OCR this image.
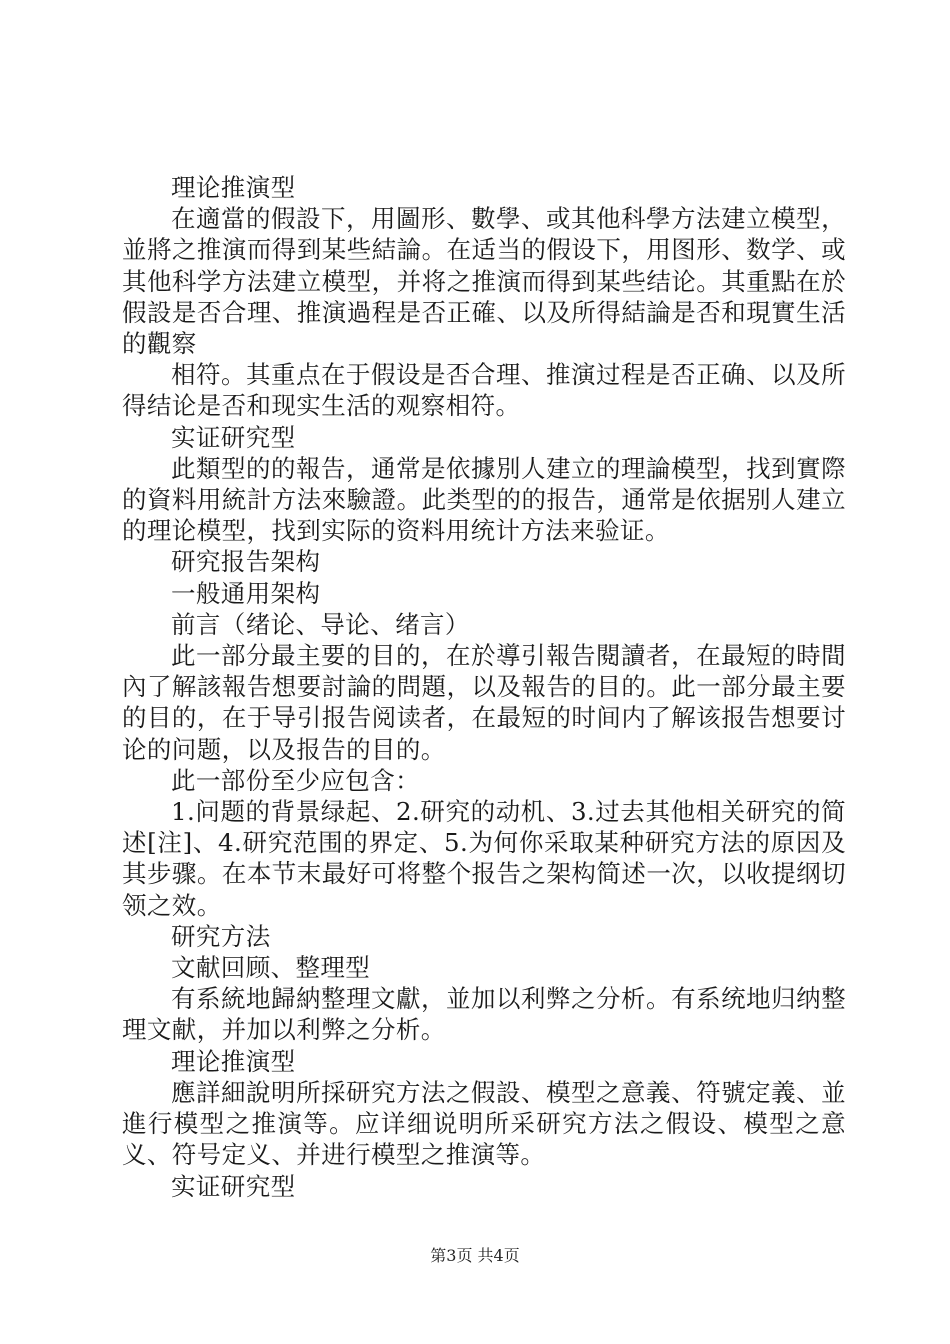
理论推演型

在適當的假設下，用圖形、數學、或其他科學方法建立模型，並將之推演而得到某些結論。在适当的假设下，用图形、数学、或其他科学方法建立模型，并将之推演而得到某些结论。其重點在於假設是否合理、推演過程是否正確、以及所得結論是否和現實生活的觀察

相符。其重点在于假设是否合理、推演过程是否正确、以及所得结论是否和现实生活的观察相符。

实证研究型

此類型的的報告，通常是依據別人建立的理論模型，找到實際的資料用統計方法來驗證。此类型的的报告，通常是依据别人建立的理论模型，找到实际的资料用统计方法来验证。

研究报告架构

一般通用架构

前言（绪论、导论、绪言）

此一部分最主要的目的，在於導引報告閱讀者，在最短的時間內了解該報告想要討論的問題，以及報告的目的。此一部分最主要的目的，在于导引报告阅读者，在最短的时间内了解该报告想要讨论的问题，以及报告的目的。

此一部份至少应包含：

1.问题的背景绿起、2.研究的动机、3.过去其他相关研究的简述[注]、4.研究范围的界定、5.为何你采取某种研究方法的原因及其步骤。在本节末最好可将整个报告之架构简述一次，以收提纲切领之效。

研究方法

文献回顾、整理型

有系統地歸納整理文獻，並加以利弊之分析。有系统地归纳整理文献，并加以利弊之分析。

理论推演型

應詳細說明所採研究方法之假設、模型之意義、符號定義、並進行模型之推演等。应详细说明所采研究方法之假设、模型之意义、符号定义、并进行模型之推演等。

实证研究型

第3页 共4页
